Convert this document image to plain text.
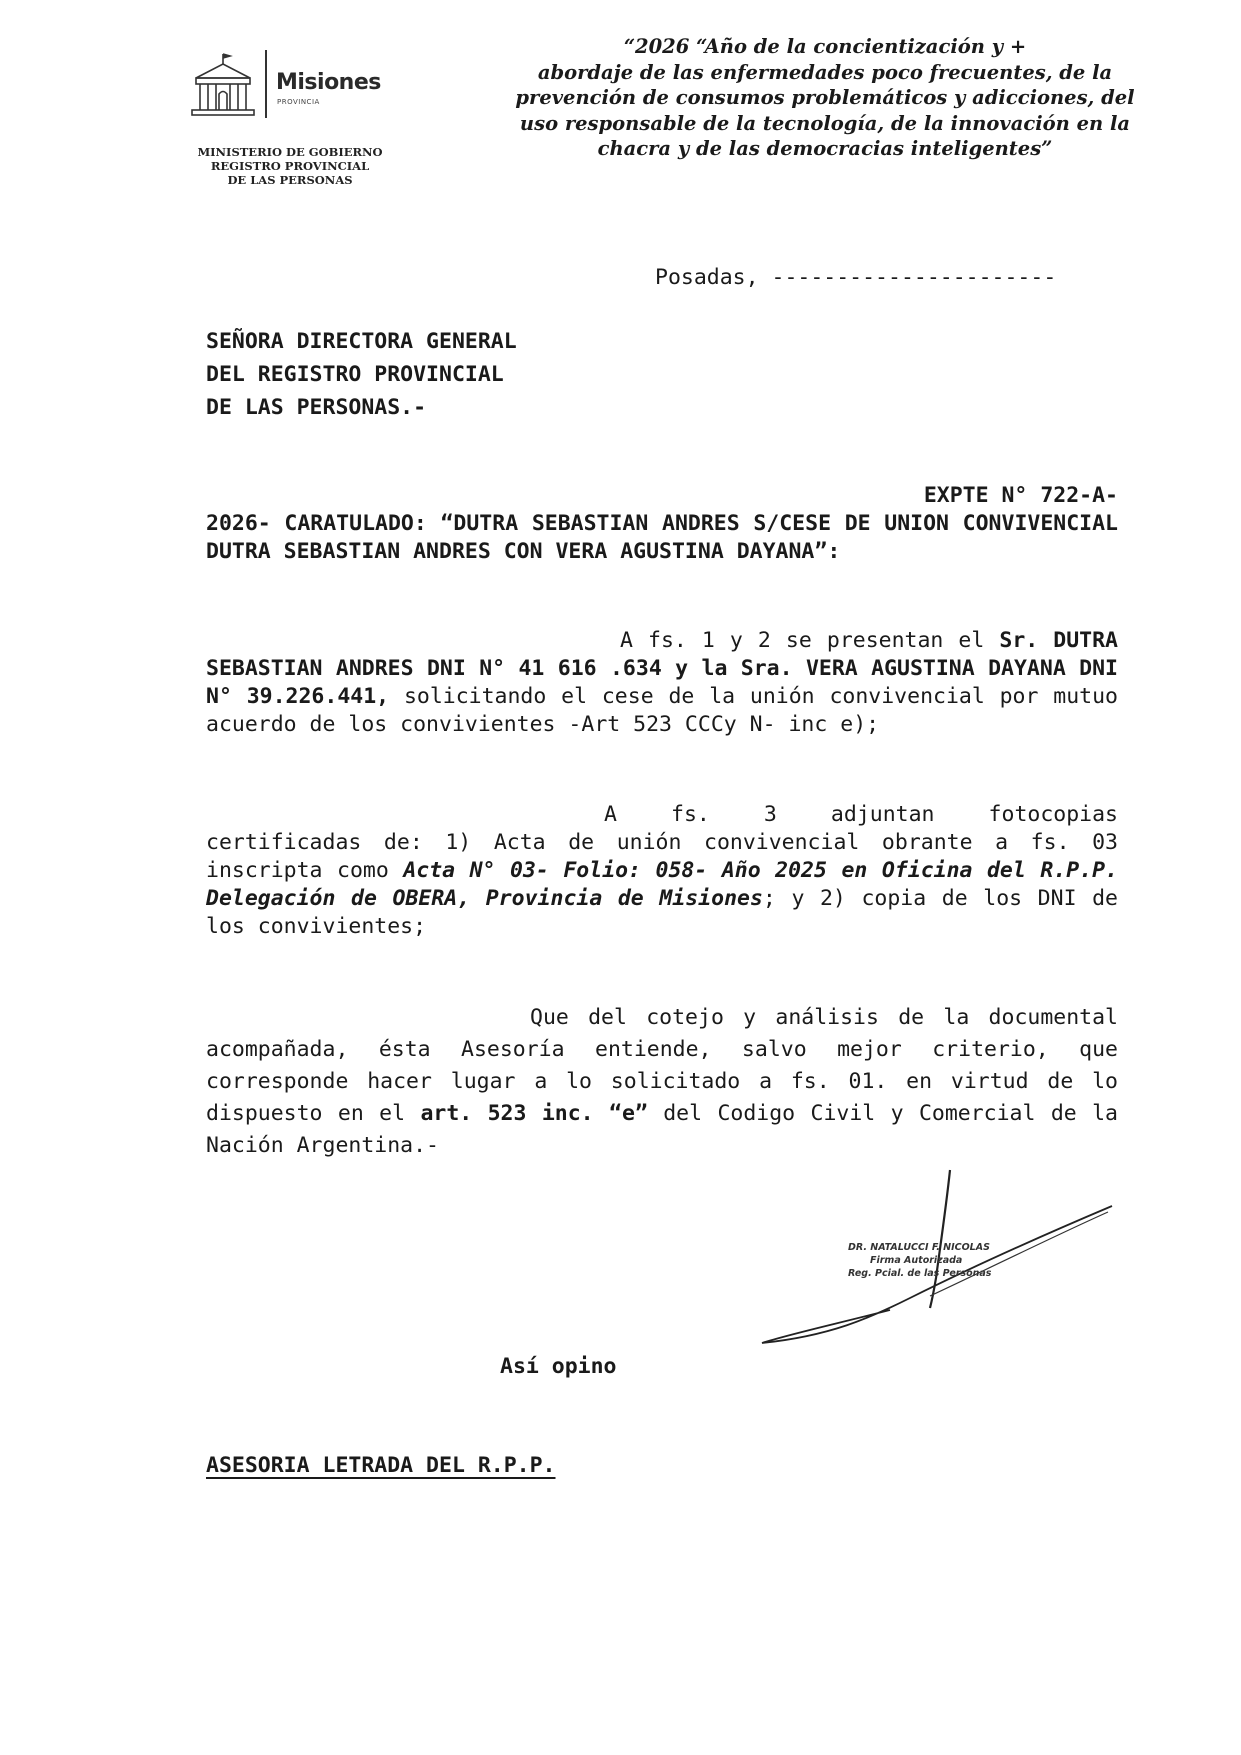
Misiones
PROVINCIA
MINISTERIO DE GOBIERNO
REGISTRO PROVINCIAL
DE LAS PERSONAS
“2026 “Año de la concientización y +
abordaje de las enfermedades poco frecuentes, de la
prevención de consumos problemáticos y adicciones, del
uso responsable de la tecnología, de la innovación en la
chacra y de las democracias inteligentes”
Posadas, ----------------------
SEÑORA DIRECTORA GENERAL
DEL REGISTRO PROVINCIAL
DE LAS PERSONAS.-
EXPTE N° 722-A-
2026- CARATULADO: “DUTRA SEBASTIAN ANDRES S/CESE DE UNION CONVIVENCIAL DUTRA SEBASTIAN ANDRES CON VERA AGUSTINA DAYANA”:
A fs. 1 y 2 se presentan el Sr. DUTRA SEBASTIAN ANDRES DNI N° 41 616 .634 y la Sra. VERA AGUSTINA DAYANA DNI N° 39.226.441, solicitando el cese de la unión convivencial por mutuo acuerdo de los convivientes -Art 523 CCCy N- inc e);
A fs. 3 adjuntan fotocopias certificadas de: 1) Acta de unión convivencial obrante a fs. 03 inscripta como Acta N° 03- Folio: 058- Año 2025 en Oficina del R.P.P. Delegación de OBERA, Provincia de Misiones; y 2) copia de los DNI de los convivientes;
Que del cotejo y análisis de la documental acompañada, ésta Asesoría entiende, salvo mejor criterio, que corresponde hacer lugar a lo solicitado a fs. 01. en virtud de lo dispuesto en el art. 523 inc. “e” del Codigo Civil y Comercial de la Nación Argentina.-
DR. NATALUCCI F. NICOLAS
Firma Autorizada
Reg. Pcial. de las Personas
Así opino
ASESORIA LETRADA DEL R.P.P.
